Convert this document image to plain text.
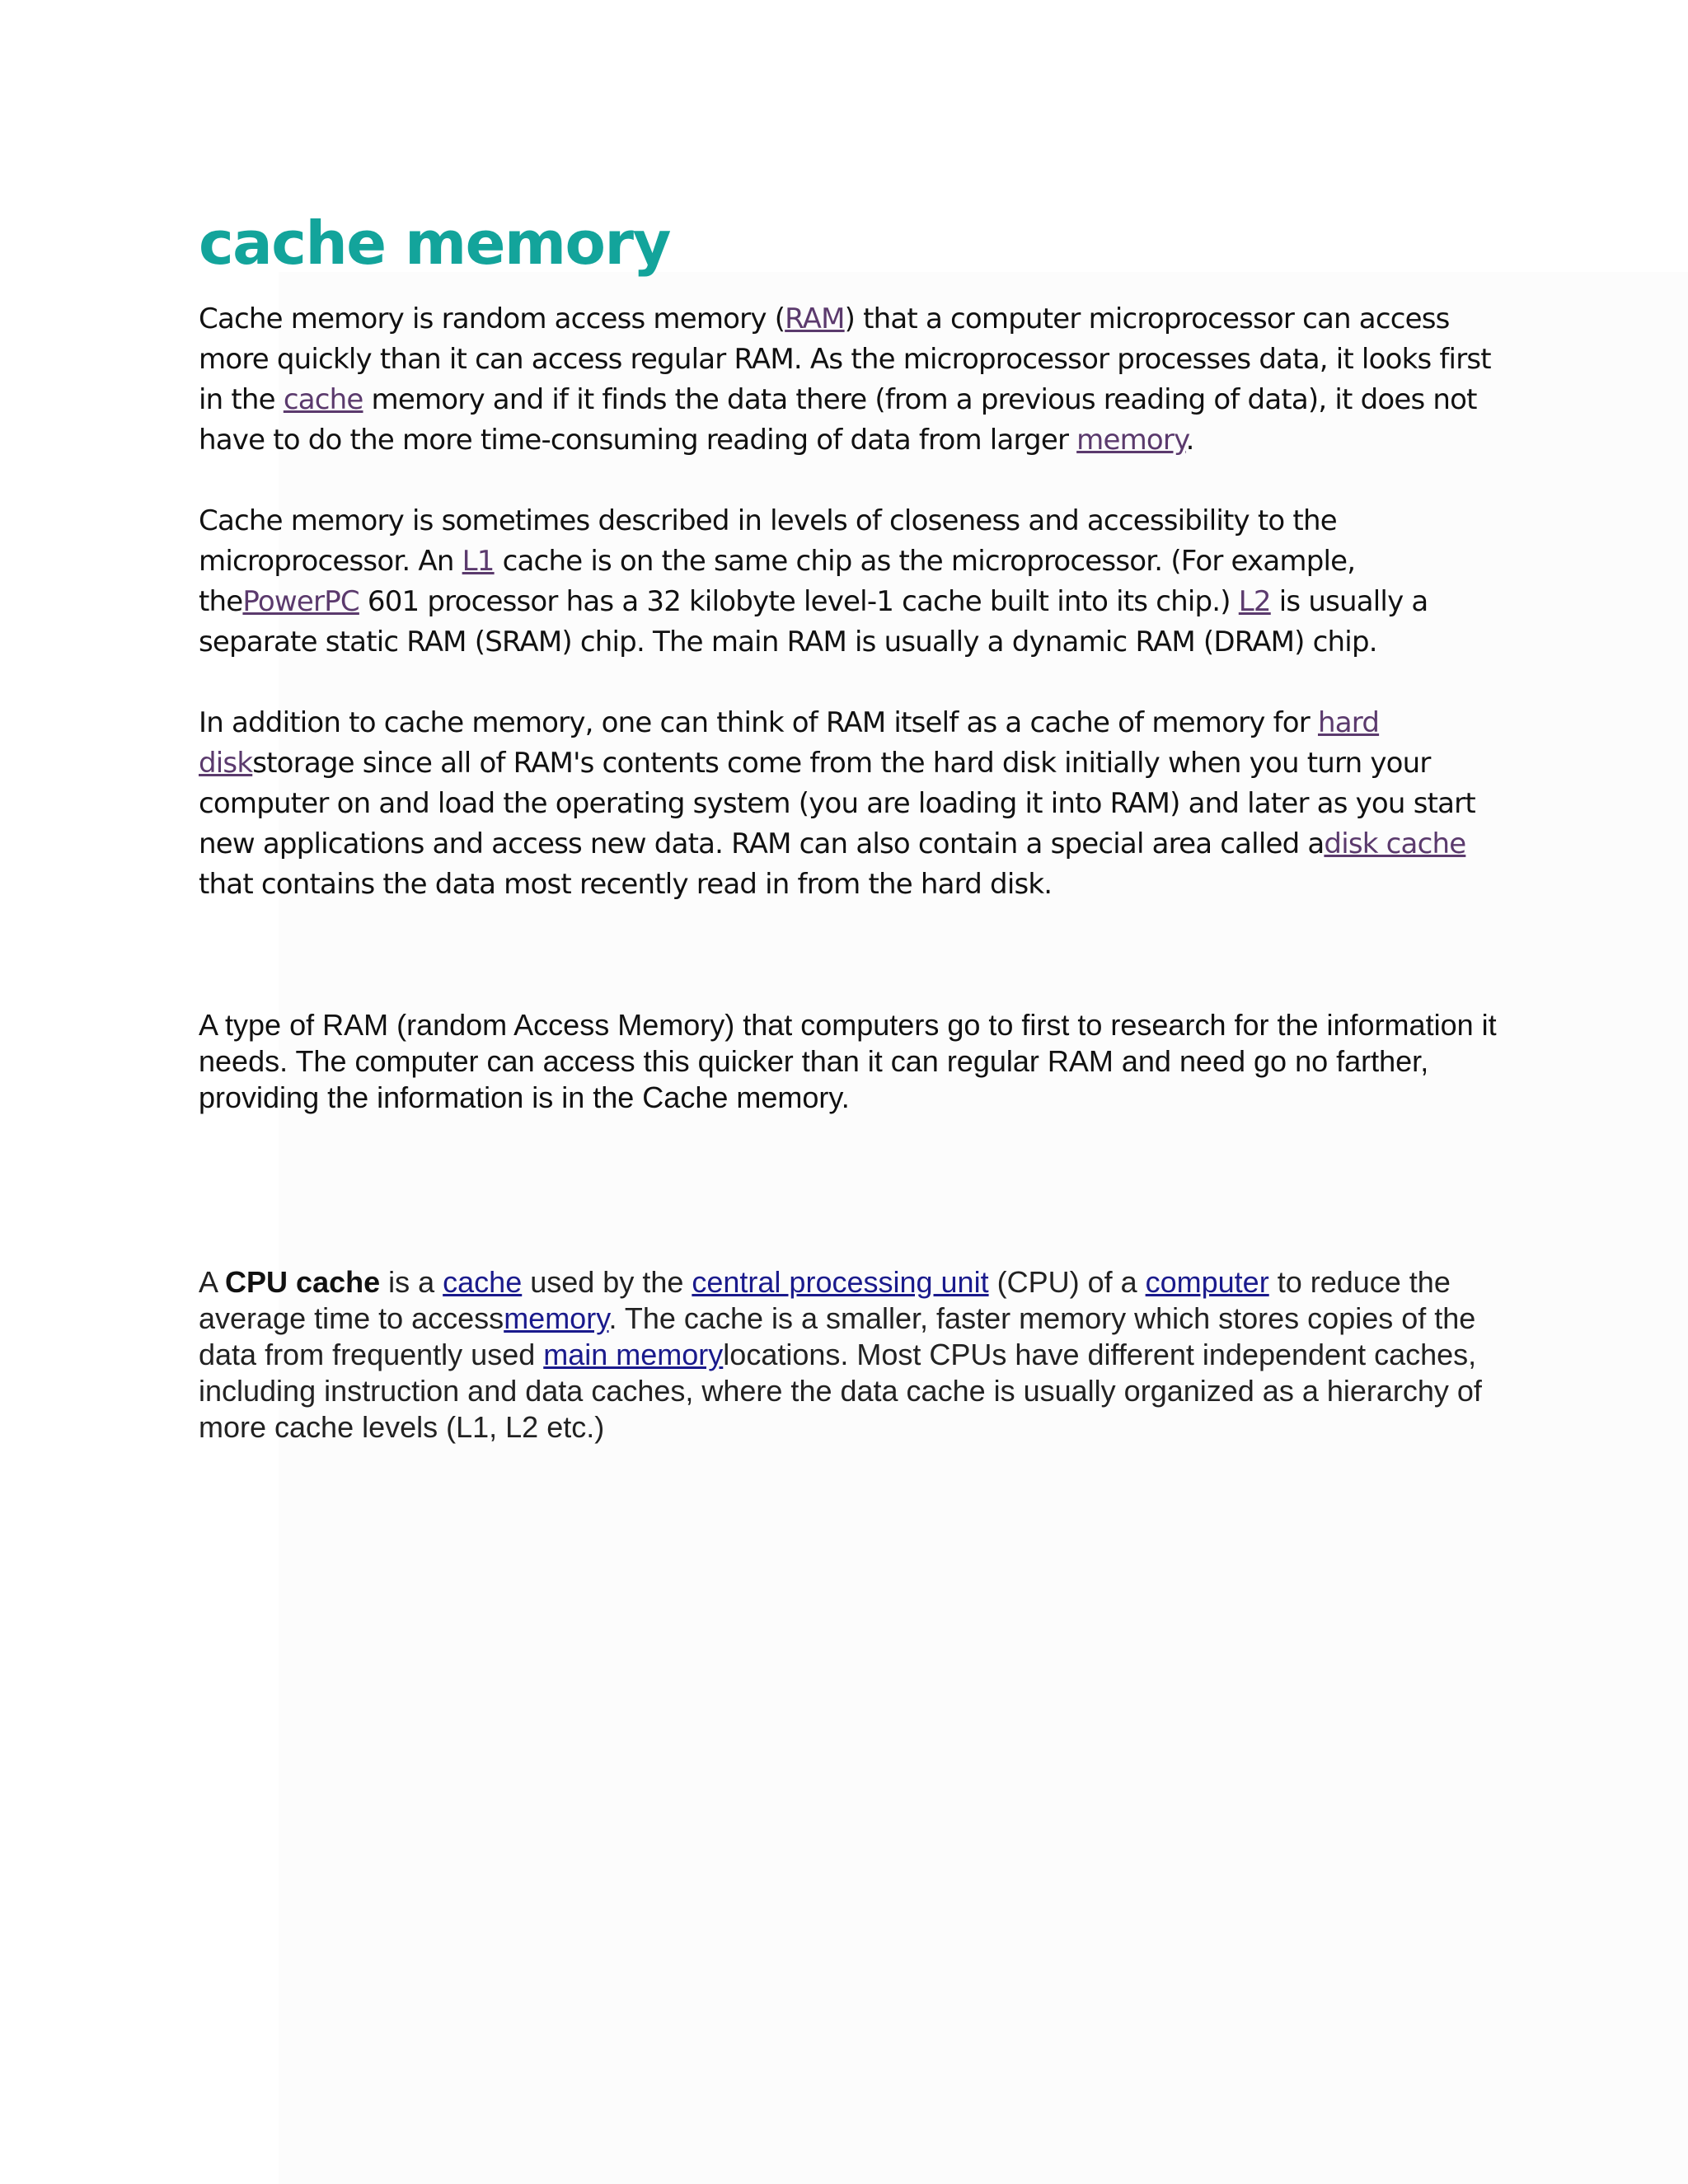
cache memory

Cache memory is random access memory (RAM) that a computer microprocessor can access more quickly than it can access regular RAM. As the microprocessor processes data, it looks first in the cache memory and if it finds the data there (from a previous reading of data), it does not have to do the more time-consuming reading of data from larger memory.

Cache memory is sometimes described in levels of closeness and accessibility to the microprocessor. An L1 cache is on the same chip as the microprocessor. (For example, thePowerPC 601 processor has a 32 kilobyte level-1 cache built into its chip.) L2 is usually a separate static RAM (SRAM) chip. The main RAM is usually a dynamic RAM (DRAM) chip.

In addition to cache memory, one can think of RAM itself as a cache of memory for hard diskstorage since all of RAM's contents come from the hard disk initially when you turn your computer on and load the operating system (you are loading it into RAM) and later as you start new applications and access new data. RAM can also contain a special area called adisk cache that contains the data most recently read in from the hard disk.

A type of RAM (random Access Memory) that computers go to first to research for the information it needs. The computer can access this quicker than it can regular RAM and need go no farther, providing the information is in the Cache memory.

A CPU cache is a cache used by the central processing unit (CPU) of a computer to reduce the average time to accessmemory. The cache is a smaller, faster memory which stores copies of the data from frequently used main memorylocations. Most CPUs have different independent caches, including instruction and data caches, where the data cache is usually organized as a hierarchy of more cache levels (L1, L2 etc.)
